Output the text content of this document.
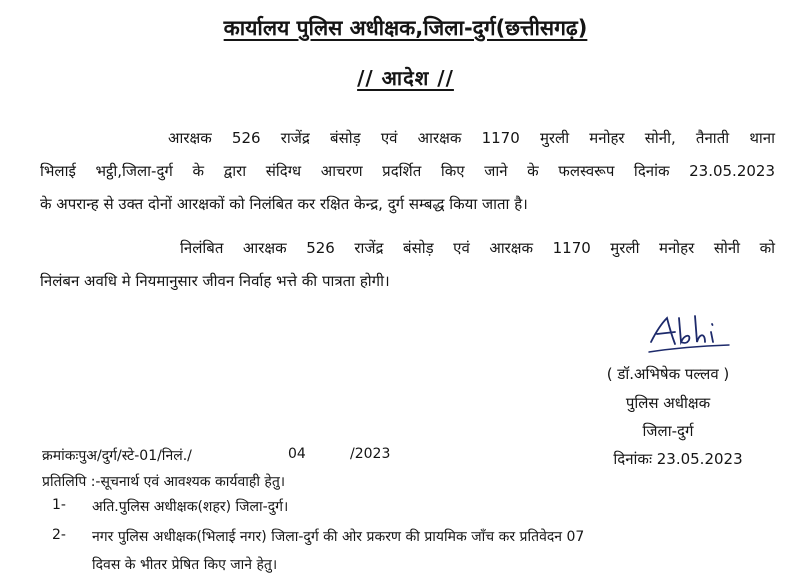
कार्यालय पुलिस अधीक्षक,जिला-दुर्ग(छत्तीसगढ़)
// आदेश //
आरक्षक 526 राजेंद्र बंसोड़ एवं आरक्षक 1170 मुरली मनोहर सोनी, तैनाती थाना
भिलाई भट्ठी,जिला-दुर्ग के द्वारा संदिग्ध आचरण प्रदर्शित किए जाने के फलस्वरूप दिनांक 23.05.2023
के अपरान्ह से उक्त दोनों आरक्षकों को निलंबित कर रक्षित केन्द्र, दुर्ग सम्बद्ध किया जाता है।
निलंबित आरक्षक 526 राजेंद्र बंसोड़ एवं आरक्षक 1170 मुरली मनोहर सोनी को
निलंबन अवधि मे नियमानुसार जीवन निर्वाह भत्ते की पात्रता होगी।
( डॉ.अभिषेक पल्लव )
पुलिस अधीक्षक
जिला-दुर्ग
दिनांकः 23.05.2023
क्रमांकःपुअ/दुर्ग/स्टे-01/निलं./	04	/2023
प्रतिलिपि :-सूचनार्थ एवं आवश्यक कार्यवाही हेतु।
1- अति.पुलिस अधीक्षक(शहर) जिला-दुर्ग।
2- नगर पुलिस अधीक्षक(भिलाई नगर) जिला-दुर्ग की ओर प्रकरण की प्रायमिक जाँच कर प्रतिवेदन 07
दिवस के भीतर प्रेषित किए जाने हेतु।
